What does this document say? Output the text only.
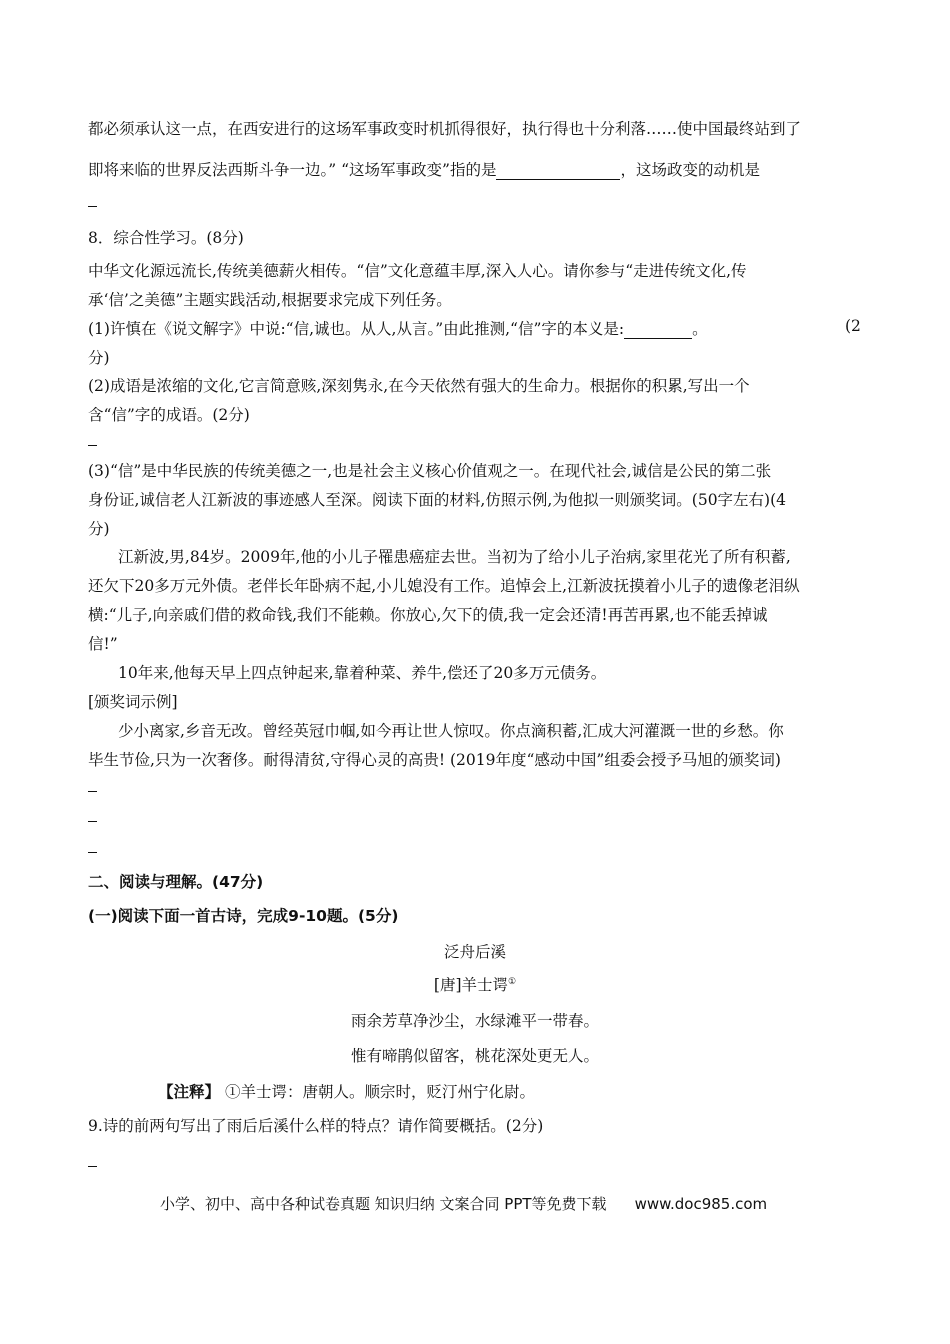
都必须承认这一点，在西安进行的这场军事政变时机抓得很好，执行得也十分利落……使中国最终站到了
即将来临的世界反法西斯斗争一边。” “这场军事政变”指的是	，这场政变的动机是
8．综合性学习。(8分)
中华文化源远流长,传统美德薪火相传。“信”文化意蕴丰厚,深入人心。请你参与“走进传统文化,传
承‘信’之美德”主题实践活动,根据要求完成下列任务。
(1)许慎在《说文解字》中说:“信,诚也。从人,从言。”由此推测,“信”字的本义是:	。	(2
分)
(2)成语是浓缩的文化,它言简意赅,深刻隽永,在今天依然有强大的生命力。根据你的积累,写出一个
含“信”字的成语。(2分)
(3)“信”是中华民族的传统美德之一,也是社会主义核心价值观之一。在现代社会,诚信是公民的第二张
身份证,诚信老人江新波的事迹感人至深。阅读下面的材料,仿照示例,为他拟一则颁奖词。(50字左右)(4
分)
江新波,男,84岁。2009年,他的小儿子罹患癌症去世。当初为了给小儿子治病,家里花光了所有积蓄,
还欠下20多万元外债。老伴长年卧病不起,小儿媳没有工作。追悼会上,江新波抚摸着小儿子的遗像老泪纵
横:“儿子,向亲戚们借的救命钱,我们不能赖。你放心,欠下的债,我一定会还清!再苦再累,也不能丢掉诚
信!”
10年来,他每天早上四点钟起来,靠着种菜、养牛,偿还了20多万元债务。
[颁奖词示例]
少小离家,乡音无改。曾经英冠巾帼,如今再让世人惊叹。你点滴积蓄,汇成大河灌溉一世的乡愁。你
毕生节俭,只为一次奢侈。耐得清贫,守得心灵的高贵! (2019年度“感动中国”组委会授予马旭的颁奖词)
二、阅读与理解。(47分)
(一)阅读下面一首古诗，完成9-10题。(5分)
泛舟后溪
[唐]羊士谔①
雨余芳草净沙尘，水绿滩平一带春。
惟有啼鹃似留客，桃花深处更无人。
【注释】 ①羊士谔：唐朝人。顺宗时，贬汀州宁化尉。
9.诗的前两句写出了雨后后溪什么样的特点？请作简要概括。(2分)
小学、初中、高中各种试卷真题 知识归纳 文案合同 PPT等免费下载 www.doc985.com
